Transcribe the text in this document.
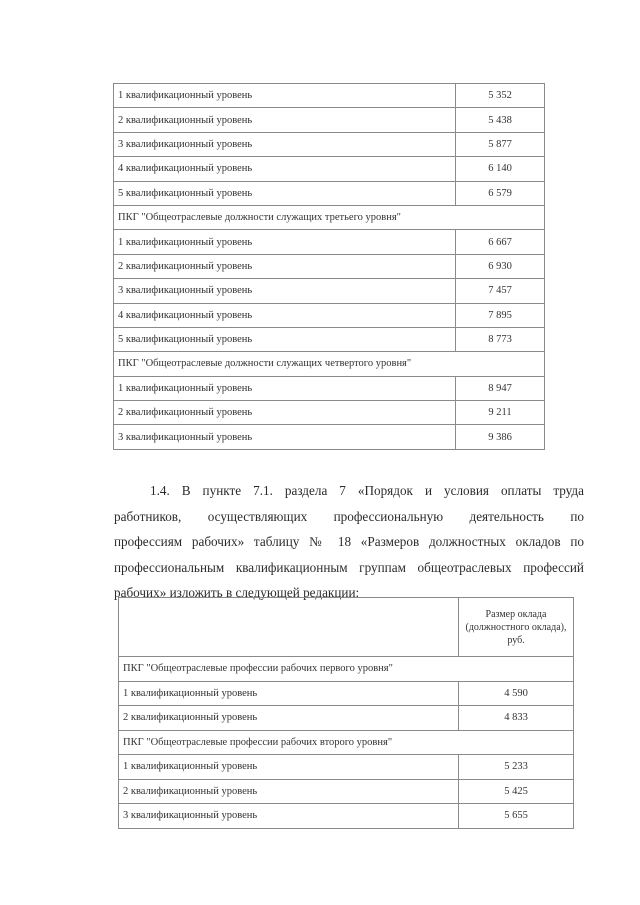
1 квалификационный уровень	5 352
2 квалификационный уровень	5 438
3 квалификационный уровень	5 877
4 квалификационный уровень	6 140
5 квалификационный уровень	6 579
ПКГ "Общеотраслевые должности служащих третьего уровня"	
1 квалификационный уровень	6 667
2 квалификационный уровень	6 930
3 квалификационный уровень	7 457
4 квалификационный уровень	7 895
5 квалификационный уровень	8 773
ПКГ "Общеотраслевые должности служащих четвертого уровня"	
1 квалификационный уровень	8 947
2 квалификационный уровень	9 211
3 квалификационный уровень	9 386
1.4. В пункте 7.1. раздела 7 «Порядок и условия оплаты труда
работников, осуществляющих профессиональную деятельность по
профессиям рабочих» таблицу № 18 «Размеров должностных окладов по
профессиональным квалификационным группам общеотраслевых профессий
рабочих» изложить в следующей редакции:
	Размер оклада (должностного оклада), руб.
ПКГ "Общеотраслевые профессии рабочих первого уровня"	
1 квалификационный уровень	4 590
2 квалификационный уровень	4 833
ПКГ "Общеотраслевые профессии рабочих второго уровня"	
1 квалификационный уровень	5 233
2 квалификационный уровень	5 425
3 квалификационный уровень	5 655
